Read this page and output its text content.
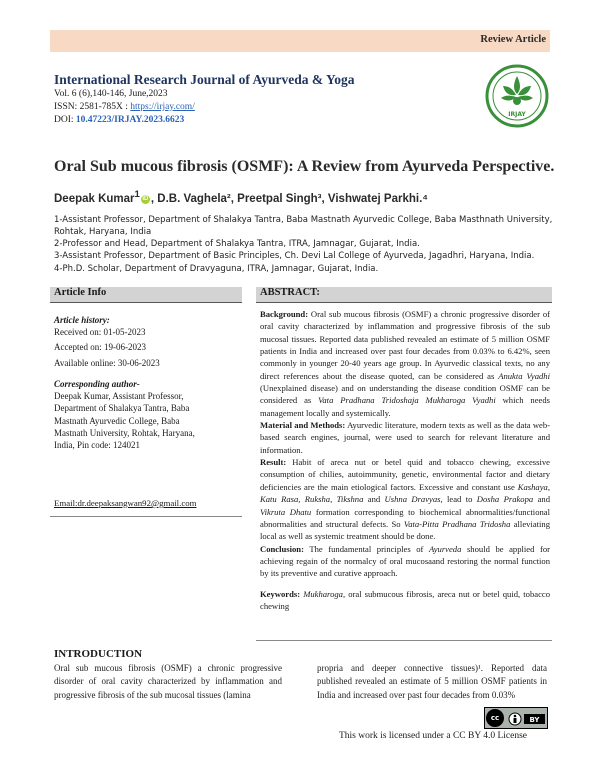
Review Article
International Research Journal of Ayurveda & Yoga
Vol. 6 (6),140-146, June,2023
ISSN: 2581-785X : https://irjay.com/
DOI: 10.47223/IRJAY.2023.6623
IRJAY
Oral Sub mucous fibrosis (OSMF): A Review from Ayurveda Perspective.
Deepak Kumar$^1$ iD , D.B. Vaghela², Preetpal Singh³, Vishwatej Parkhi.⁴
1-Assistant Professor, Department of Shalakya Tantra, Baba Mastnath Ayurvedic College, Baba Masthnath University,
Rohtak, Haryana, India
2-Professor and Head, Department of Shalakya Tantra, ITRA, Jamnagar, Gujarat, India.
3-Assistant Professor, Department of Basic Principles, Ch. Devi Lal College of Ayurveda, Jagadhri, Haryana, India.
4-Ph.D. Scholar, Department of Dravyaguna, ITRA, Jamnagar, Gujarat, India.
Article Info	ABSTRACT:
Article history:
Received on: 01-05-2023
Accepted on: 19-06-2023
Available online: 30-06-2023
Corresponding author-
Deepak Kumar, Assistant Professor,
Department of Shalakya Tantra, Baba
Mastnath Ayurvedic College, Baba
Mastnath University, Rohtak, Haryana,
India, Pin code: 124021
Email:dr.deepaksangwan92@gmail.com

Background: Oral sub mucous fibrosis (OSMF) a chronic progressive disorder of oral cavity characterized by inflammation and progressive fibrosis of the sub mucosal tissues. Reported data published revealed an estimate of 5 million OSMF patients in India and increased over past four decades from 0.03% to 6.42%, seen commonly in younger 20-40 years age group. In Ayurvedic classical texts, no any direct references about the disease quoted, can be considered as Anukta Vyadhi (Unexplained disease) and on understanding the disease condition OSMF can be considered as Vata Pradhana Tridoshaja Mukharoga Vyadhi which needs management locally and systemically.

Material and Methods: Ayurvedic literature, modern texts as well as the data web-based search engines, journal, were used to search for relevant literature and information.

Result: Habit of areca nut or betel quid and tobacco chewing, excessive consumption of chilies, autoimmunity, genetic, environmental factor and dietary deficiencies are the main etiological factors. Excessive and constant use Kashaya, Katu Rasa, Ruksha, Tikshna and Ushna Dravyas, lead to Dosha Prakopa and Vikruta Dhatu formation corresponding to biochemical abnormalities/functional abnormalities and structural defects. So Vata-Pitta Pradhana Tridosha alleviating local as well as systemic treatment should be done.

Conclusion: The fundamental principles of Ayurveda should be applied for achieving regain of the normalcy of oral mucosaand restoring the normal function by its preventive and curative approach.

Keywords: Mukharoga, oral submucous fibrosis, areca nut or betel quid, tobacco chewing

INTRODUCTION
Oral sub mucous fibrosis (OSMF) a chronic progressive disorder of oral cavity characterized by inflammation and progressive fibrosis of the sub mucosal tissues (lamina
propria and deeper connective tissues)¹. Reported data published revealed an estimate of 5 million OSMF patients in India and increased over past four decades from 0.03%
cc	BY
This work is licensed under a CC BY 4.0 License
